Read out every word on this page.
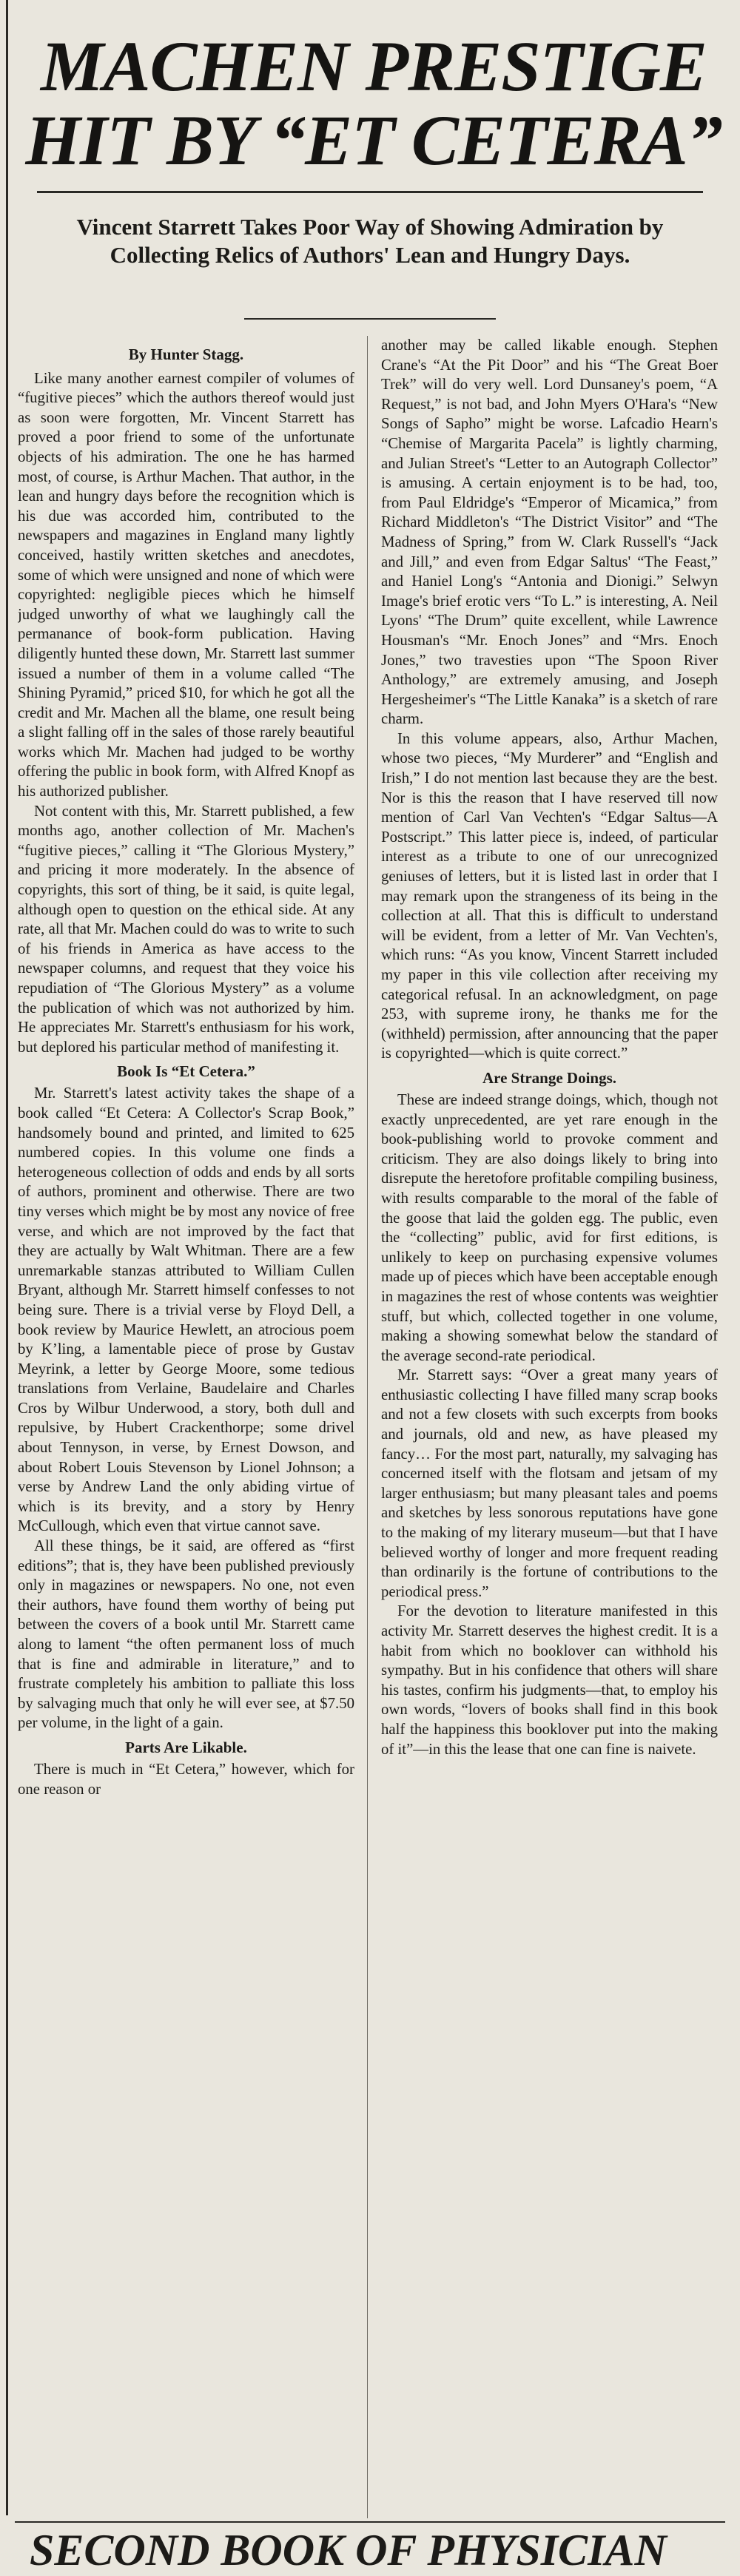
MACHEN PRESTIGE
HIT BY “ET CETERA”
Vincent Starrett Takes Poor Way of Showing Admiration by Collecting Relics of Authors' Lean and Hungry Days.
By Hunter Stagg.

Like many another earnest compiler of volumes of “fugitive pieces” which the authors thereof would just as soon were forgotten, Mr. Vincent Starrett has proved a poor friend to some of the unfortunate objects of his admiration. The one he has harmed most, of course, is Arthur Machen. That author, in the lean and hungry days before the recognition which is his due was accorded him, contributed to the newspapers and magazines in England many lightly conceived, hastily written sketches and anecdotes, some of which were unsigned and none of which were copyrighted: negligible pieces which he himself judged unworthy of what we laughingly call the permanance of book-form publication. Having diligently hunted these down, Mr. Starrett last summer issued a number of them in a volume called “The Shining Pyramid,” priced $10, for which he got all the credit and Mr. Machen all the blame, one result being a slight falling off in the sales of those rarely beautiful works which Mr. Machen had judged to be worthy offering the public in book form, with Alfred Knopf as his authorized publisher.

Not content with this, Mr. Starrett published, a few months ago, another collection of Mr. Machen's “fugitive pieces,” calling it “The Glorious Mystery,” and pricing it more moderately. In the absence of copyrights, this sort of thing, be it said, is quite legal, although open to question on the ethical side. At any rate, all that Mr. Machen could do was to write to such of his friends in America as have access to the newspaper columns, and request that they voice his repudiation of “The Glorious Mystery” as a volume the publication of which was not authorized by him. He appreciates Mr. Starrett's enthusiasm for his work, but deplored his particular method of manifesting it.

Book Is “Et Cetera.”

Mr. Starrett's latest activity takes the shape of a book called “Et Cetera: A Collector's Scrap Book,” handsomely bound and printed, and limited to 625 numbered copies. In this volume one finds a heterogeneous collection of odds and ends by all sorts of authors, prominent and otherwise. There are two tiny verses which might be by most any novice of free verse, and which are not improved by the fact that they are actually by Walt Whitman. There are a few unremarkable stanzas attributed to William Cullen Bryant, although Mr. Starrett himself confesses to not being sure. There is a trivial verse by Floyd Dell, a book review by Maurice Hewlett, an atrocious poem by K’ling, a lamentable piece of prose by Gustav Meyrink, a letter by George Moore, some tedious translations from Verlaine, Baudelaire and Charles Cros by Wilbur Underwood, a story, both dull and repulsive, by Hubert Crackenthorpe; some drivel about Tennyson, in verse, by Ernest Dowson, and about Robert Louis Stevenson by Lionel Johnson; a verse by Andrew Land the only abiding virtue of which is its brevity, and a story by Henry McCullough, which even that virtue cannot save.

All these things, be it said, are offered as “first editions”; that is, they have been published previously only in magazines or newspapers. No one, not even their authors, have found them worthy of being put between the covers of a book until Mr. Starrett came along to lament “the often permanent loss of much that is fine and admirable in literature,” and to frustrate completely his ambition to palliate this loss by salvaging much that only he will ever see, at $7.50 per volume, in the light of a gain.

Parts Are Likable.

There is much in “Et Cetera,” however, which for one reason or

another may be called likable enough. Stephen Crane's “At the Pit Door” and his “The Great Boer Trek” will do very well. Lord Dunsaney's poem, “A Request,” is not bad, and John Myers O'Hara's “New Songs of Sapho” might be worse. Lafcadio Hearn's “Chemise of Margarita Pacela” is lightly charming, and Julian Street's “Letter to an Autograph Collector” is amusing. A certain enjoyment is to be had, too, from Paul Eldridge's “Emperor of Micamica,” from Richard Middleton's “The District Visitor” and “The Madness of Spring,” from W. Clark Russell's “Jack and Jill,” and even from Edgar Saltus' “The Feast,” and Haniel Long's “Antonia and Dionigi.” Selwyn Image's brief erotic vers “To L.” is interesting, A. Neil Lyons' “The Drum” quite excellent, while Lawrence Housman's “Mr. Enoch Jones” and “Mrs. Enoch Jones,” two travesties upon “The Spoon River Anthology,” are extremely amusing, and Joseph Hergesheimer's “The Little Kanaka” is a sketch of rare charm.

In this volume appears, also, Arthur Machen, whose two pieces, “My Murderer” and “English and Irish,” I do not mention last because they are the best. Nor is this the reason that I have reserved till now mention of Carl Van Vechten's “Edgar Saltus—A Postscript.” This latter piece is, indeed, of particular interest as a tribute to one of our unrecognized geniuses of letters, but it is listed last in order that I may remark upon the strangeness of its being in the collection at all. That this is difficult to understand will be evident, from a letter of Mr. Van Vechten's, which runs: “As you know, Vincent Starrett included my paper in this vile collection after receiving my categorical refusal. In an acknowledgment, on page 253, with supreme irony, he thanks me for the (withheld) permission, after announcing that the paper is copyrighted—which is quite correct.”

Are Strange Doings.

These are indeed strange doings, which, though not exactly unprecedented, are yet rare enough in the book-publishing world to provoke comment and criticism. They are also doings likely to bring into disrepute the heretofore profitable compiling business, with results comparable to the moral of the fable of the goose that laid the golden egg. The public, even the “collecting” public, avid for first editions, is unlikely to keep on purchasing expensive volumes made up of pieces which have been acceptable enough in magazines the rest of whose contents was weightier stuff, but which, collected together in one volume, making a showing somewhat below the standard of the average second-rate periodical.

Mr. Starrett says: “Over a great many years of enthusiastic collecting I have filled many scrap books and not a few closets with such excerpts from books and journals, old and new, as have pleased my fancy… For the most part, naturally, my salvaging has concerned itself with the flotsam and jetsam of my larger enthusiasm; but many pleasant tales and poems and sketches by less sonorous reputations have gone to the making of my literary museum—but that I have believed worthy of longer and more frequent reading than ordinarily is the fortune of contributions to the periodical press.”

For the devotion to literature manifested in this activity Mr. Starrett deserves the highest credit. It is a habit from which no booklover can withhold his sympathy. But in his confidence that others will share his tastes, confirm his judgments—that, to employ his own words, “lovers of books shall find in this book half the happiness this booklover put into the making of it”—in this the lease that one can fine is naivete.

SECOND BOOK OF PHYSICIAN
